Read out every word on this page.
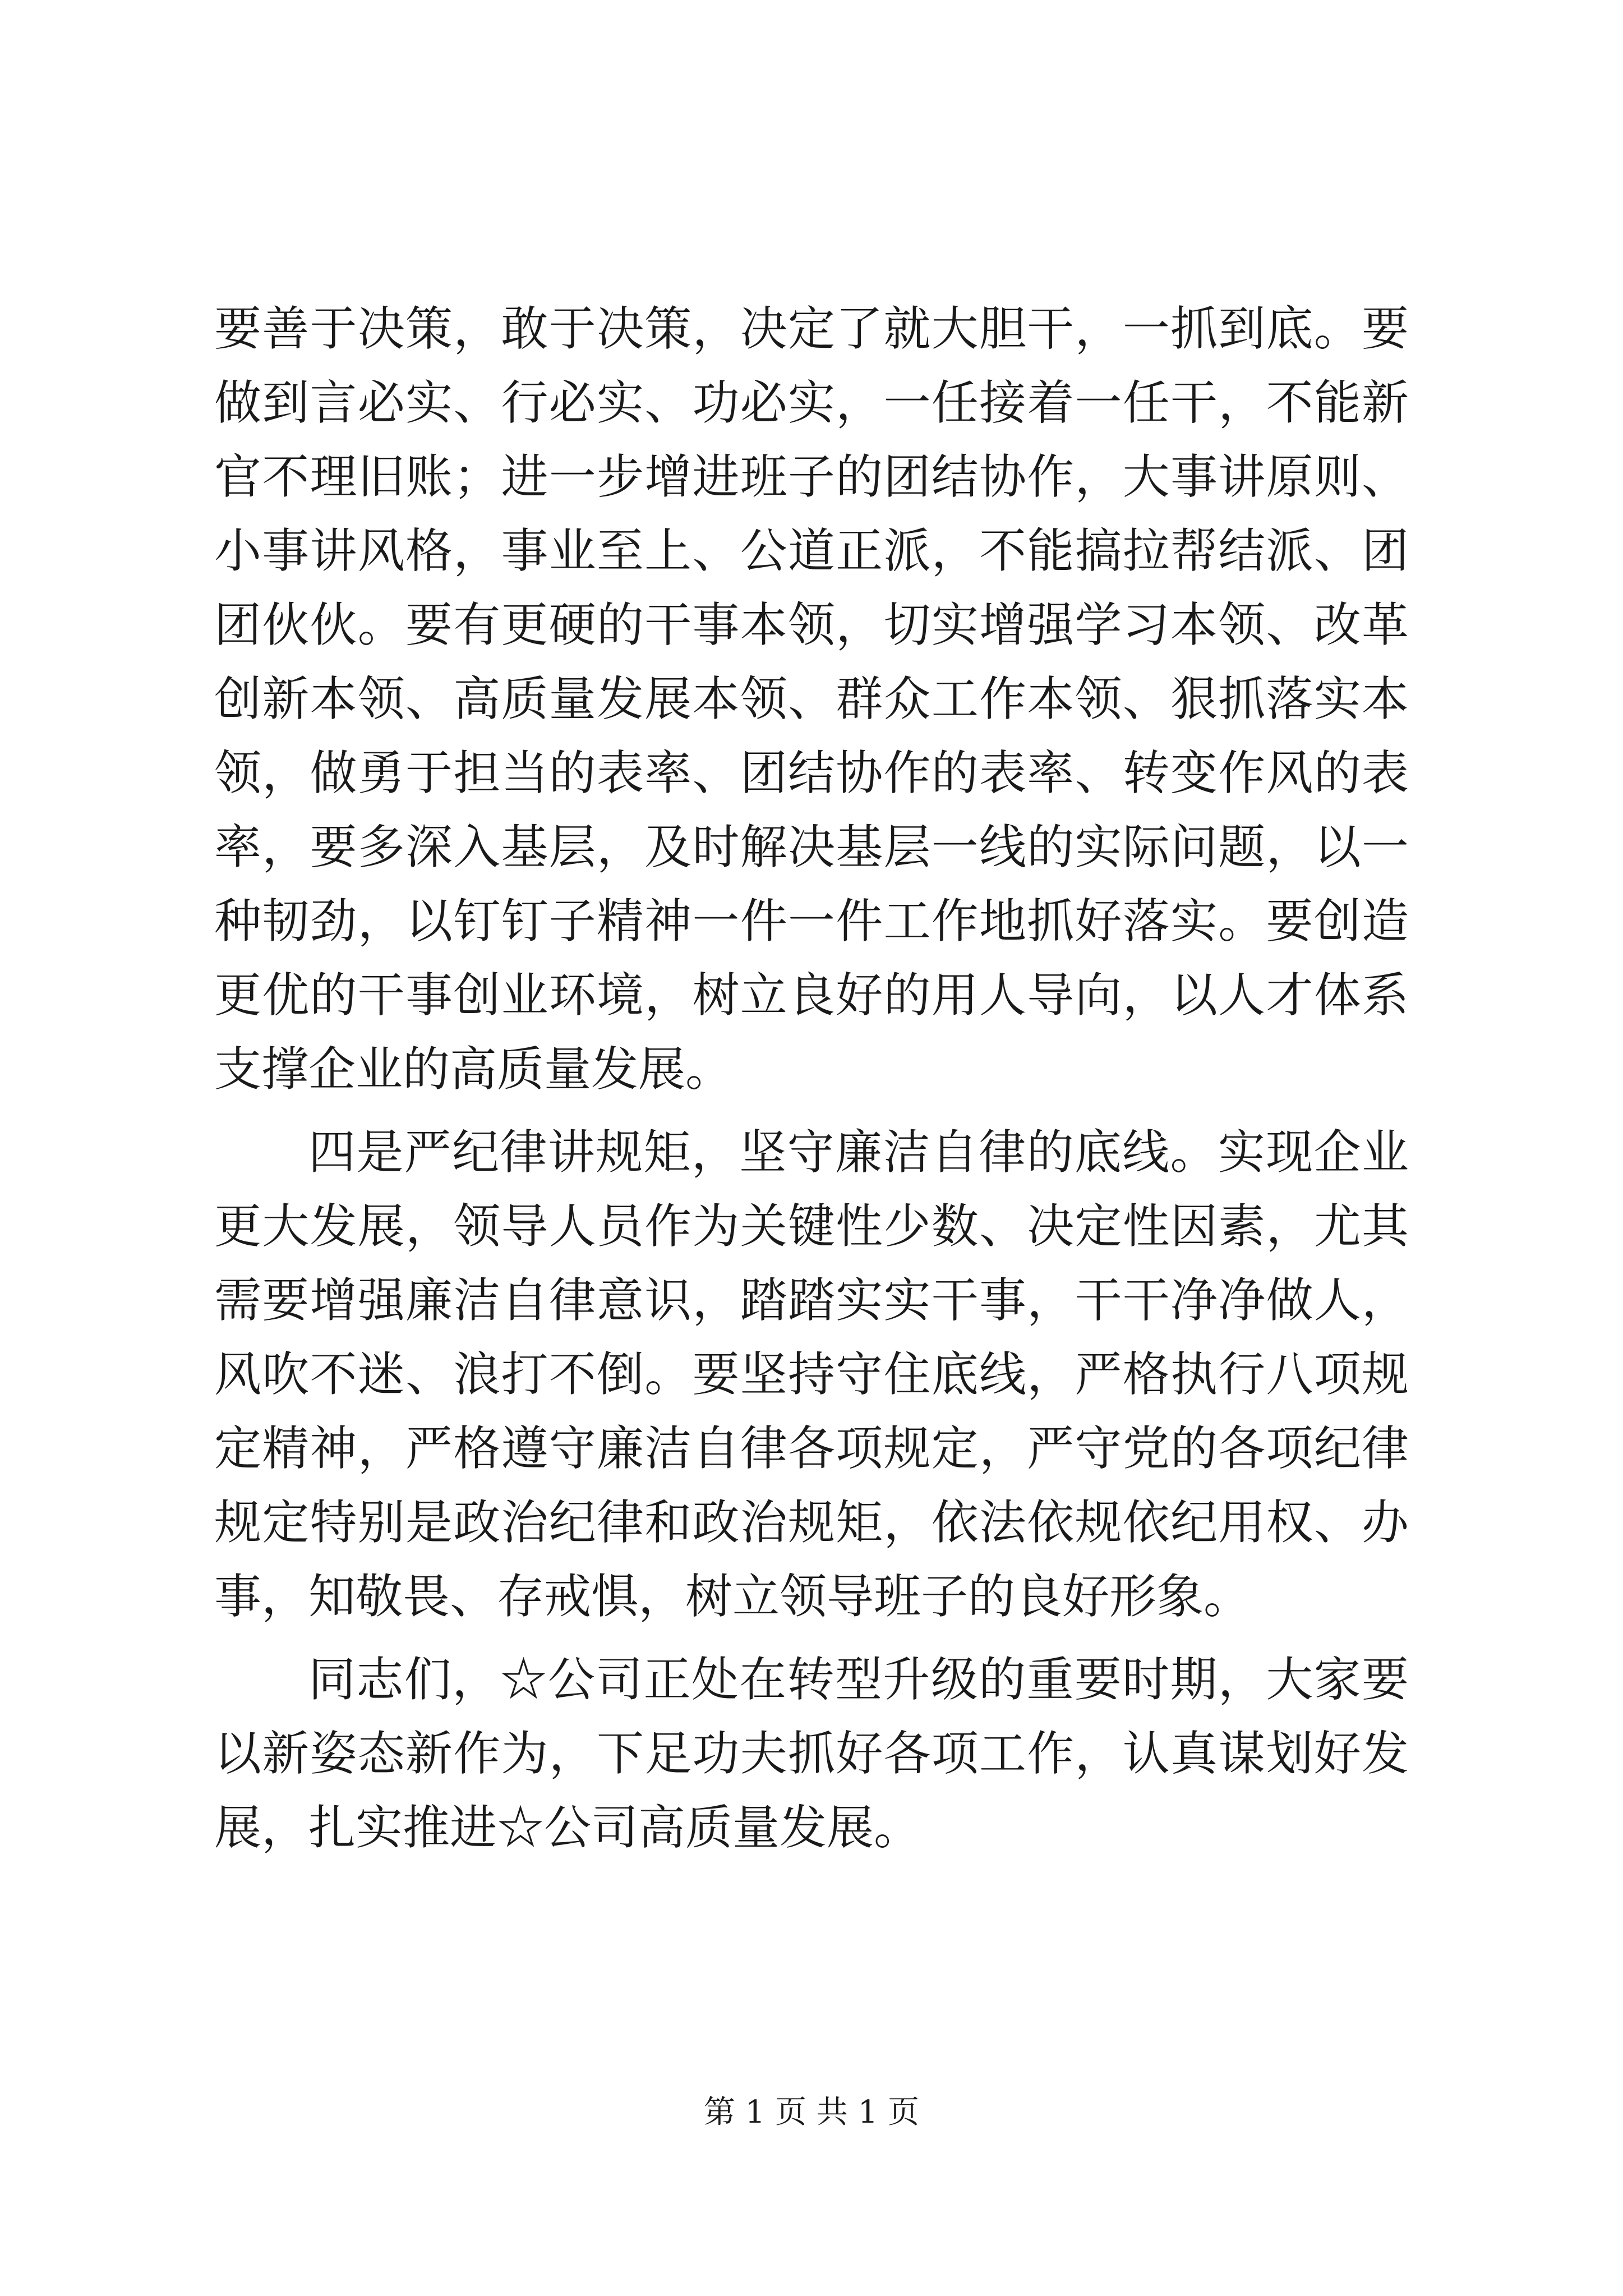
要善于决策，敢于决策，决定了就大胆干，一抓到底。要做到言必实、行必实、功必实，一任接着一任干，不能新官不理旧账；进一步增进班子的团结协作，大事讲原则、小事讲风格，事业至上、公道正派，不能搞拉帮结派、团团伙伙。要有更硬的干事本领，切实增强学习本领、改革创新本领、高质量发展本领、群众工作本领、狠抓落实本领，做勇于担当的表率、团结协作的表率、转变作风的表率，要多深入基层，及时解决基层一线的实际问题，以一种韧劲，以钉钉子精神一件一件工作地抓好落实。要创造更优的干事创业环境，树立良好的用人导向，以人才体系支撑企业的高质量发展。

四是严纪律讲规矩，坚守廉洁自律的底线。实现企业更大发展，领导人员作为关键性少数、决定性因素，尤其需要增强廉洁自律意识，踏踏实实干事，干干净净做人，风吹不迷、浪打不倒。要坚持守住底线，严格执行八项规定精神，严格遵守廉洁自律各项规定，严守党的各项纪律规定特别是政治纪律和政治规矩，依法依规依纪用权、办事，知敬畏、存戒惧，树立领导班子的良好形象。

同志们，☆公司正处在转型升级的重要时期，大家要以新姿态新作为，下足功夫抓好各项工作，认真谋划好发展，扎实推进☆公司高质量发展。

第 1 页 共 1 页
